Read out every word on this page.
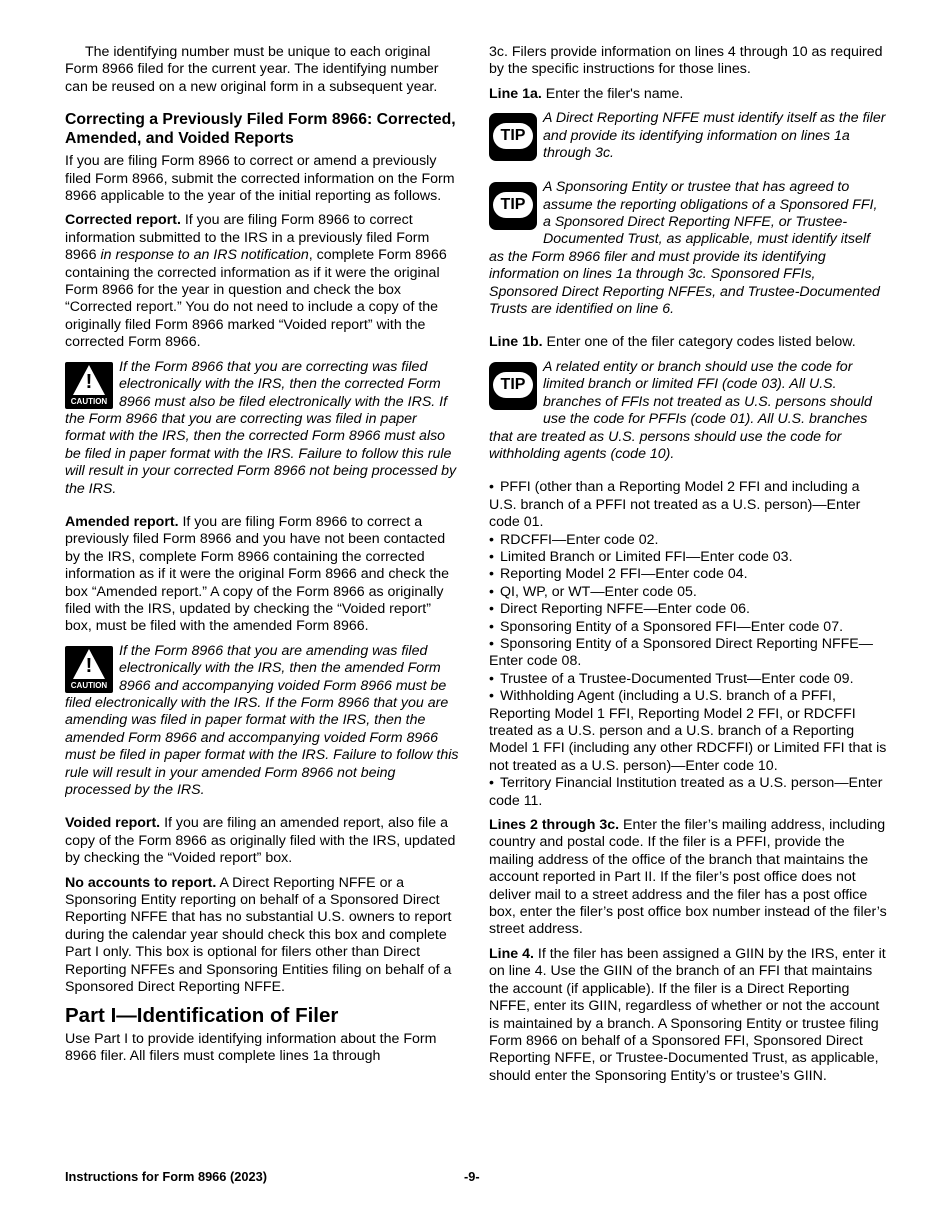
The identifying number must be unique to each original Form 8966 filed for the current year. The identifying number can be reused on a new original form in a subsequent year.

Correcting a Previously Filed Form 8966: Corrected, Amended, and Voided Reports

If you are filing Form 8966 to correct or amend a previously filed Form 8966, submit the corrected information on the Form 8966 applicable to the year of the initial reporting as follows.

Corrected report. If you are filing Form 8966 to correct information submitted to the IRS in a previously filed Form 8966 in response to an IRS notification, complete Form 8966 containing the corrected information as if it were the original Form 8966 for the year in question and check the box “Corrected report.” You do not need to include a copy of the originally filed Form 8966 marked “Voided report” with the corrected Form 8966.

!
CAUTION

If the Form 8966 that you are correcting was filed electronically with the IRS, then the corrected Form 8966 must also be filed electronically with the IRS. If the Form 8966 that you are correcting was filed in paper format with the IRS, then the corrected Form 8966 must also be filed in paper format with the IRS. Failure to follow this rule will result in your corrected Form 8966 not being processed by the IRS.

Amended report. If you are filing Form 8966 to correct a previously filed Form 8966 and you have not been contacted by the IRS, complete Form 8966 containing the corrected information as if it were the original Form 8966 and check the box “Amended report.” A copy of the Form 8966 as originally filed with the IRS, updated by checking the “Voided report” box, must be filed with the amended Form 8966.

!
CAUTION

If the Form 8966 that you are amending was filed electronically with the IRS, then the amended Form 8966 and accompanying voided Form 8966 must be filed electronically with the IRS. If the Form 8966 that you are amending was filed in paper format with the IRS, then the amended Form 8966 and accompanying voided Form 8966 must be filed in paper format with the IRS. Failure to follow this rule will result in your amended Form 8966 not being processed by the IRS.

Voided report. If you are filing an amended report, also file a copy of the Form 8966 as originally filed with the IRS, updated by checking the “Voided report” box.

No accounts to report. A Direct Reporting NFFE or a Sponsoring Entity reporting on behalf of a Sponsored Direct Reporting NFFE that has no substantial U.S. owners to report during the calendar year should check this box and complete Part I only. This box is optional for filers other than Direct Reporting NFFEs and Sponsoring Entities filing on behalf of a Sponsored Direct Reporting NFFE.

Part I—Identification of Filer

Use Part I to provide identifying information about the Form 8966 filer. All filers must complete lines 1a through

3c. Filers provide information on lines 4 through 10 as required by the specific instructions for those lines.

Line 1a. Enter the filer's name.

TIP

A Direct Reporting NFFE must identify itself as the filer and provide its identifying information on lines 1a through 3c.

TIP

A Sponsoring Entity or trustee that has agreed to assume the reporting obligations of a Sponsored FFI, a Sponsored Direct Reporting NFFE, or Trustee-Documented Trust, as applicable, must identify itself as the Form 8966 filer and must provide its identifying information on lines 1a through 3c. Sponsored FFIs, Sponsored Direct Reporting NFFEs, and Trustee-Documented Trusts are identified on line 6.

Line 1b. Enter one of the filer category codes listed below.

TIP

A related entity or branch should use the code for limited branch or limited FFI (code 03). All U.S. branches of FFIs not treated as U.S. persons should use the code for PFFIs (code 01). All U.S. branches that are treated as U.S. persons should use the code for withholding agents (code 10).

• PFFI (other than a Reporting Model 2 FFI and including a U.S. branch of a PFFI not treated as a U.S. person)—Enter code 01.
• RDCFFI—Enter code 02.
• Limited Branch or Limited FFI—Enter code 03.
• Reporting Model 2 FFI—Enter code 04.
• QI, WP, or WT—Enter code 05.
• Direct Reporting NFFE—Enter code 06.
• Sponsoring Entity of a Sponsored FFI—Enter code 07.
• Sponsoring Entity of a Sponsored Direct Reporting NFFE—Enter code 08.
• Trustee of a Trustee-Documented Trust—Enter code 09.
• Withholding Agent (including a U.S. branch of a PFFI, Reporting Model 1 FFI, Reporting Model 2 FFI, or RDCFFI treated as a U.S. person and a U.S. branch of a Reporting Model 1 FFI (including any other RDCFFI) or Limited FFI that is not treated as a U.S. person)—Enter code 10.
• Territory Financial Institution treated as a U.S. person—Enter code 11.

Lines 2 through 3c. Enter the filer’s mailing address, including country and postal code. If the filer is a PFFI, provide the mailing address of the office of the branch that maintains the account reported in Part II. If the filer’s post office does not deliver mail to a street address and the filer has a post office box, enter the filer’s post office box number instead of the filer’s street address.

Line 4. If the filer has been assigned a GIIN by the IRS, enter it on line 4. Use the GIIN of the branch of an FFI that maintains the account (if applicable). If the filer is a Direct Reporting NFFE, enter its GIIN, regardless of whether or not the account is maintained by a branch. A Sponsoring Entity or trustee filing Form 8966 on behalf of a Sponsored FFI, Sponsored Direct Reporting NFFE, or Trustee-Documented Trust, as applicable, should enter the Sponsoring Entity’s or trustee’s GIIN.

Instructions for Form 8966 (2023)	-9-
